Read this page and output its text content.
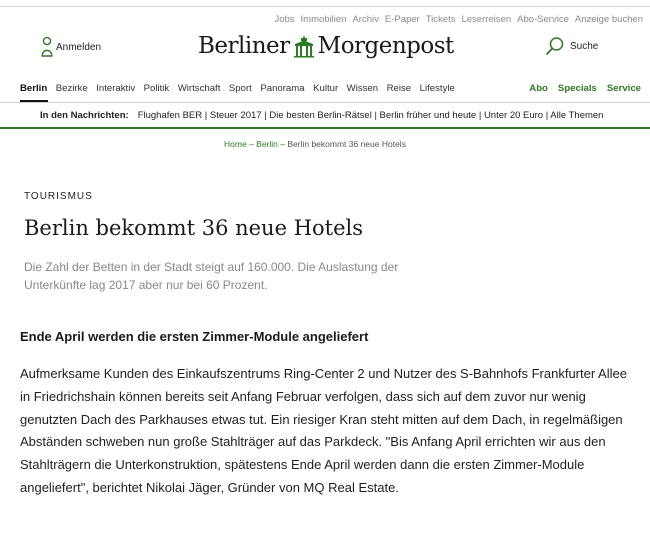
Jobs Immobilien Archiv E-Paper Tickets Leserreisen Abo-Service Anzeige buchen
Anmelden	Berliner Morgenpost	Suche
Berlin Bezirke Interaktiv Politik Wirtschaft Sport Panorama Kultur Wissen Reise Lifestyle	Abo Specials Service
In den Nachrichten: Flughafen BER | Steuer 2017 | Die besten Berlin-Rätsel | Berlin früher und heute | Unter 20 Euro | Alle Themen
Home – Berlin – Berlin bekommt 36 neue Hotels
TOURISMUS
Berlin bekommt 36 neue Hotels
Die Zahl der Betten in der Stadt steigt auf 160.000. Die Auslastung der Unterkünfte lag 2017 aber nur bei 60 Prozent.
Ende April werden die ersten Zimmer-Module angeliefert
Aufmerksame Kunden des Einkaufszentrums Ring-Center 2 und Nutzer des S-Bahnhofs Frankfurter Allee in Friedrichshain können bereits seit Anfang Februar verfolgen, dass sich auf dem zuvor nur wenig genutzten Dach des Parkhauses etwas tut. Ein riesiger Kran steht mitten auf dem Dach, in regelmäßigen Abständen schweben nun große Stahlträger auf das Parkdeck. "Bis Anfang April errichten wir aus den Stahlträgern die Unterkonstruktion, spätestens Ende April werden dann die ersten Zimmer-Module angeliefert", berichtet Nikolai Jäger, Gründer von MQ Real Estate.
